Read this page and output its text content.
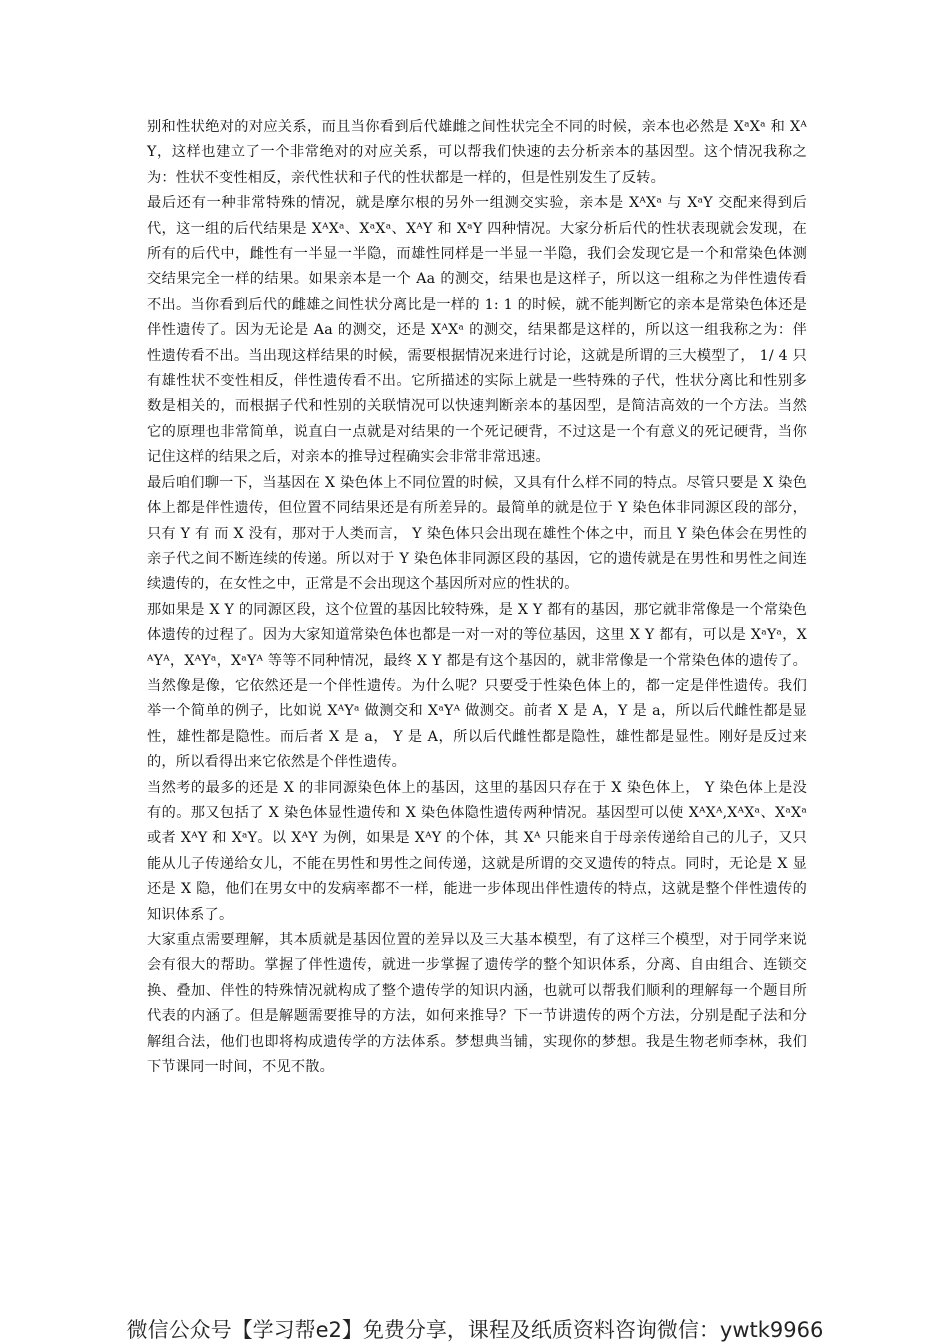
别和性状绝对的对应关系，而且当你看到后代雄雌之间性状完全不同的时候，亲本也必然是 XᵃXᵃ 和 XᴬY，这样也建立了一个非常绝对的对应关系，可以帮我们快速的去分析亲本的基因型。这个情况我称之为：性状不变性相反，亲代性状和子代的性状都是一样的，但是性别发生了反转。

最后还有一种非常特殊的情况，就是摩尔根的另外一组测交实验，亲本是 XᴬXᵃ 与 XᵃY 交配来得到后代，这一组的后代结果是 XᴬXᵃ、XᵃXᵃ、XᴬY 和 XᵃY 四种情况。大家分析后代的性状表现就会发现，在所有的后代中，雌性有一半显一半隐，而雄性同样是一半显一半隐，我们会发现它是一个和常染色体测交结果完全一样的结果。如果亲本是一个 Aa 的测交，结果也是这样子，所以这一组称之为伴性遗传看不出。当你看到后代的雌雄之间性状分离比是一样的 1: 1 的时候，就不能判断它的亲本是常染色体还是伴性遗传了。因为无论是 Aa 的测交，还是 XᴬXᵃ 的测交，结果都是这样的，所以这一组我称之为：伴性遗传看不出。当出现这样结果的时候，需要根据情况来进行讨论，这就是所谓的三大模型了， 1/ 4 只有雄性状不变性相反，伴性遗传看不出。它所描述的实际上就是一些特殊的子代，性状分离比和性别多数是相关的，而根据子代和性别的关联情况可以快速判断亲本的基因型，是简洁高效的一个方法。当然它的原理也非常简单，说直白一点就是对结果的一个死记硬背，不过这是一个有意义的死记硬背，当你记住这样的结果之后，对亲本的推导过程确实会非常非常迅速。

最后咱们聊一下，当基因在 X 染色体上不同位置的时候，又具有什么样不同的特点。尽管只要是 X 染色体上都是伴性遗传，但位置不同结果还是有所差异的。最简单的就是位于 Y 染色体非同源区段的部分，只有 Y 有 而 X 没有，那对于人类而言， Y 染色体只会出现在雄性个体之中，而且 Y 染色体会在男性的亲子代之间不断连续的传递。所以对于 Y 染色体非同源区段的基因，它的遗传就是在男性和男性之间连续遗传的，在女性之中，正常是不会出现这个基因所对应的性状的。

那如果是 X Y 的同源区段，这个位置的基因比较特殊，是 X Y 都有的基因，那它就非常像是一个常染色体遗传的过程了。因为大家知道常染色体也都是一对一对的等位基因，这里 X Y 都有，可以是 XᵃYᵃ，XᴬYᴬ，XᴬYᵃ，XᵃYᴬ 等等不同种情况，最终 X Y 都是有这个基因的，就非常像是一个常染色体的遗传了。当然像是像，它依然还是一个伴性遗传。为什么呢？只要受于性染色体上的，都一定是伴性遗传。我们举一个简单的例子，比如说 XᴬYᵃ 做测交和 XᵃYᴬ 做测交。前者 X 是 A，Y 是 a，所以后代雌性都是显性，雄性都是隐性。而后者 X 是 a， Y 是 A，所以后代雌性都是隐性，雄性都是显性。刚好是反过来的，所以看得出来它依然是个伴性遗传。

当然考的最多的还是 X 的非同源染色体上的基因，这里的基因只存在于 X 染色体上， Y 染色体上是没有的。那又包括了 X 染色体显性遗传和 X 染色体隐性遗传两种情况。基因型可以使 XᴬXᴬ,XᴬXᵃ、XᵃXᵃ 或者 XᴬY 和 XᵃY。以 XᴬY 为例，如果是 XᴬY 的个体，其 Xᴬ 只能来自于母亲传递给自己的儿子，又只能从儿子传递给女儿，不能在男性和男性之间传递，这就是所谓的交叉遗传的特点。同时，无论是 X 显还是 X 隐，他们在男女中的发病率都不一样，能进一步体现出伴性遗传的特点，这就是整个伴性遗传的知识体系了。

大家重点需要理解，其本质就是基因位置的差异以及三大基本模型，有了这样三个模型，对于同学来说会有很大的帮助。掌握了伴性遗传，就进一步掌握了遗传学的整个知识体系，分离、自由组合、连锁交换、叠加、伴性的特殊情况就构成了整个遗传学的知识内涵，也就可以帮我们顺利的理解每一个题目所代表的内涵了。但是解题需要推导的方法，如何来推导？下一节讲遗传的两个方法，分别是配子法和分解组合法，他们也即将构成遗传学的方法体系。梦想典当铺，实现你的梦想。我是生物老师李林，我们下节课同一时间，不见不散。

微信公众号【学习帮e2】免费分享，课程及纸质资料咨询微信：ywtk9966
